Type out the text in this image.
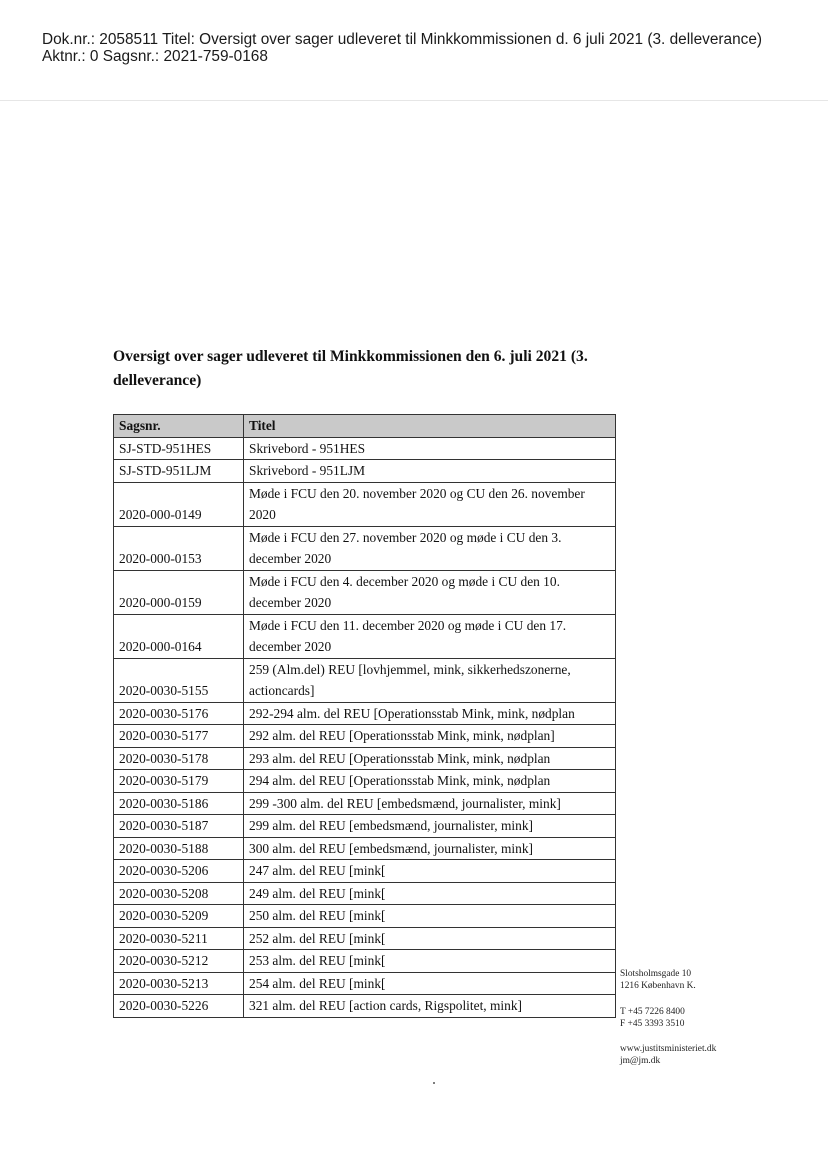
Dok.nr.: 2058511 Titel: Oversigt over sager udleveret til Minkkommissionen d. 6 juli 2021 (3. delleverance)
Aktnr.: 0 Sagsnr.: 2021-759-0168
Oversigt over sager udleveret til Minkkommissionen den 6. juli 2021 (3. delleverance)
Sagsnr.	Titel
SJ-STD-951HES	Skrivebord - 951HES
SJ-STD-951LJM	Skrivebord - 951LJM
2020-000-0149	Møde i FCU den 20. november 2020 og CU den 26. november 2020
2020-000-0153	Møde i FCU den 27. november 2020 og møde i CU den 3. december 2020
2020-000-0159	Møde i FCU den 4. december 2020 og møde i CU den 10. december 2020
2020-000-0164	Møde i FCU den 11. december 2020 og møde i CU den 17. december 2020
2020-0030-5155	259 (Alm.del) REU [lovhjemmel, mink, sikkerhedszonerne, actioncards]
2020-0030-5176	292-294 alm. del REU [Operationsstab Mink, mink, nødplan
2020-0030-5177	292 alm. del REU [Operationsstab Mink, mink, nødplan]
2020-0030-5178	293 alm. del REU [Operationsstab Mink, mink, nødplan
2020-0030-5179	294 alm. del REU [Operationsstab Mink, mink, nødplan
2020-0030-5186	299 -300 alm. del REU [embedsmænd, journalister, mink]
2020-0030-5187	299 alm. del REU [embedsmænd, journalister, mink]
2020-0030-5188	300 alm. del REU [embedsmænd, journalister, mink]
2020-0030-5206	247 alm. del REU [mink[
2020-0030-5208	249 alm. del REU [mink[
2020-0030-5209	250 alm. del REU [mink[
2020-0030-5211	252 alm. del REU [mink[
2020-0030-5212	253 alm. del REU [mink[
2020-0030-5213	254 alm. del REU [mink[
2020-0030-5226	321 alm. del REU [action cards, Rigspolitet, mink]
Slotsholmsgade 10
1216 København K.
T +45 7226 8400
F +45 3393 3510
www.justitsministeriet.dk
jm@jm.dk
